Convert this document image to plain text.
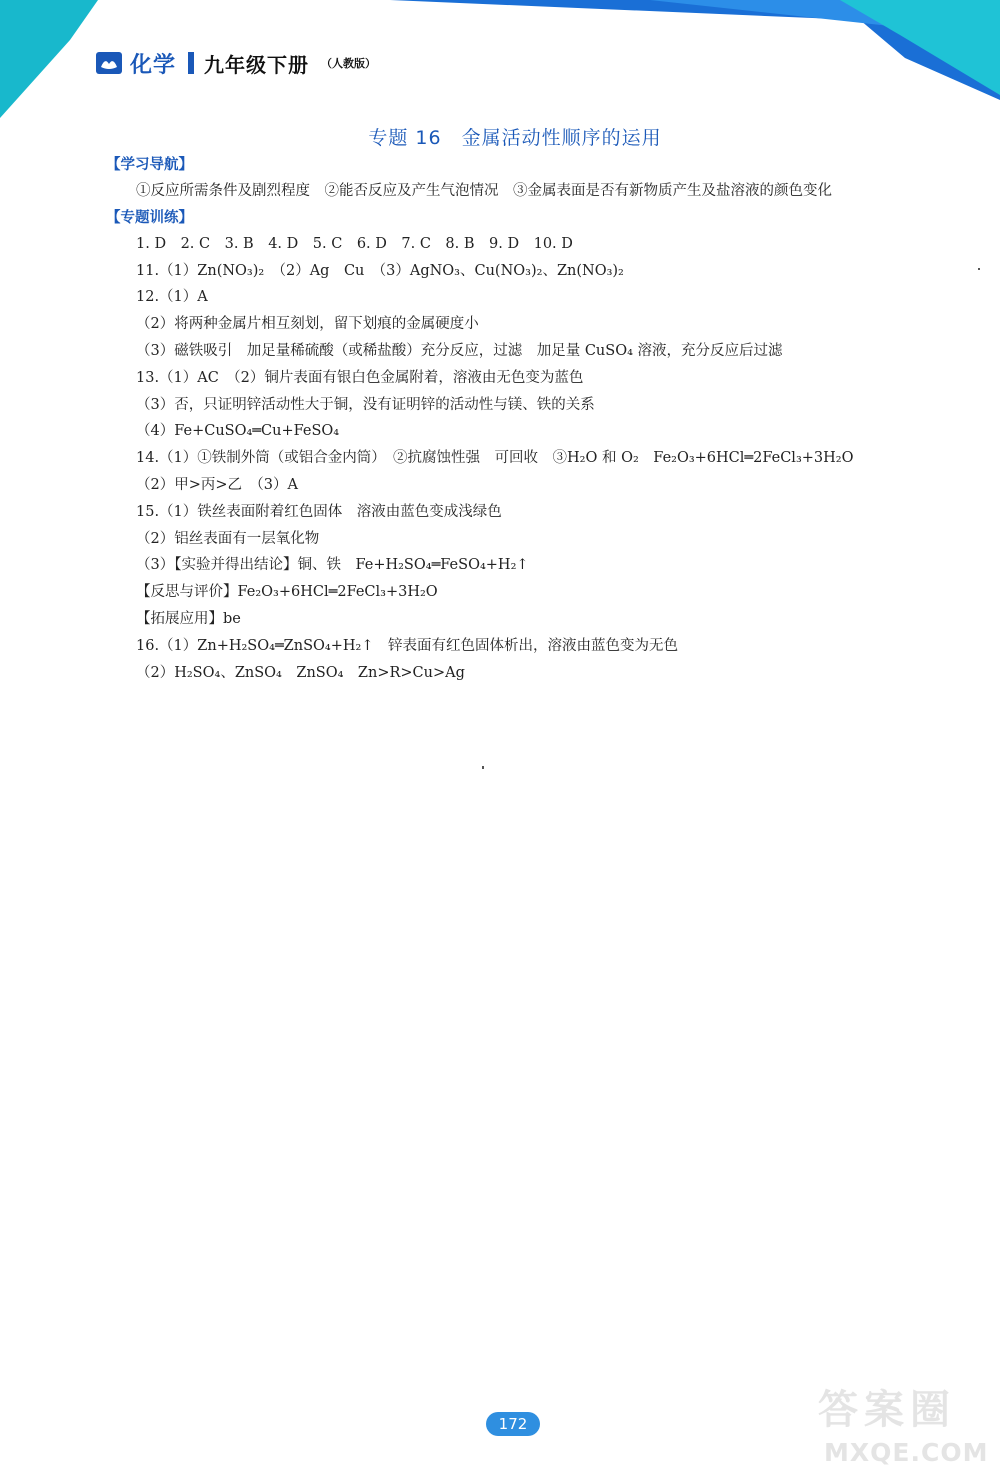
化学 九年级下册 （人教版）
专题 16　金属活动性顺序的运用
【学习导航】
①反应所需条件及剧烈程度　②能否反应及产生气泡情况　③金属表面是否有新物质产生及盐溶液的颜色变化
【专题训练】
1. D　2. C　3. B　4. D　5. C　6. D　7. C　8. B　9. D　10. D
11.（1）Zn(NO₃)₂　（2）Ag　Cu　（3）AgNO₃、Cu(NO₃)₂、Zn(NO₃)₂
12.（1）A
（2）将两种金属片相互刻划，留下划痕的金属硬度小
（3）磁铁吸引　加足量稀硫酸（或稀盐酸）充分反应，过滤　加足量 CuSO₄ 溶液，充分反应后过滤
13.（1）AC　（2）铜片表面有银白色金属附着，溶液由无色变为蓝色
（3）否，只证明锌活动性大于铜，没有证明锌的活动性与镁、铁的关系
（4）Fe+CuSO₄═Cu+FeSO₄
14.（1）①铁制外筒（或铝合金内筒）　②抗腐蚀性强　可回收　③H₂O 和 O₂　Fe₂O₃+6HCl═2FeCl₃+3H₂O
（2）甲>丙>乙　（3）A
15.（1）铁丝表面附着红色固体　溶液由蓝色变成浅绿色
（2）铝丝表面有一层氧化物
（3）【实验并得出结论】铜、铁　Fe+H₂SO₄═FeSO₄+H₂↑
【反思与评价】Fe₂O₃+6HCl═2FeCl₃+3H₂O
【拓展应用】be
16.（1）Zn+H₂SO₄═ZnSO₄+H₂↑　锌表面有红色固体析出，溶液由蓝色变为无色
（2）H₂SO₄、ZnSO₄　ZnSO₄　Zn>R>Cu>Ag
172	答案圈
MXQE.COM
